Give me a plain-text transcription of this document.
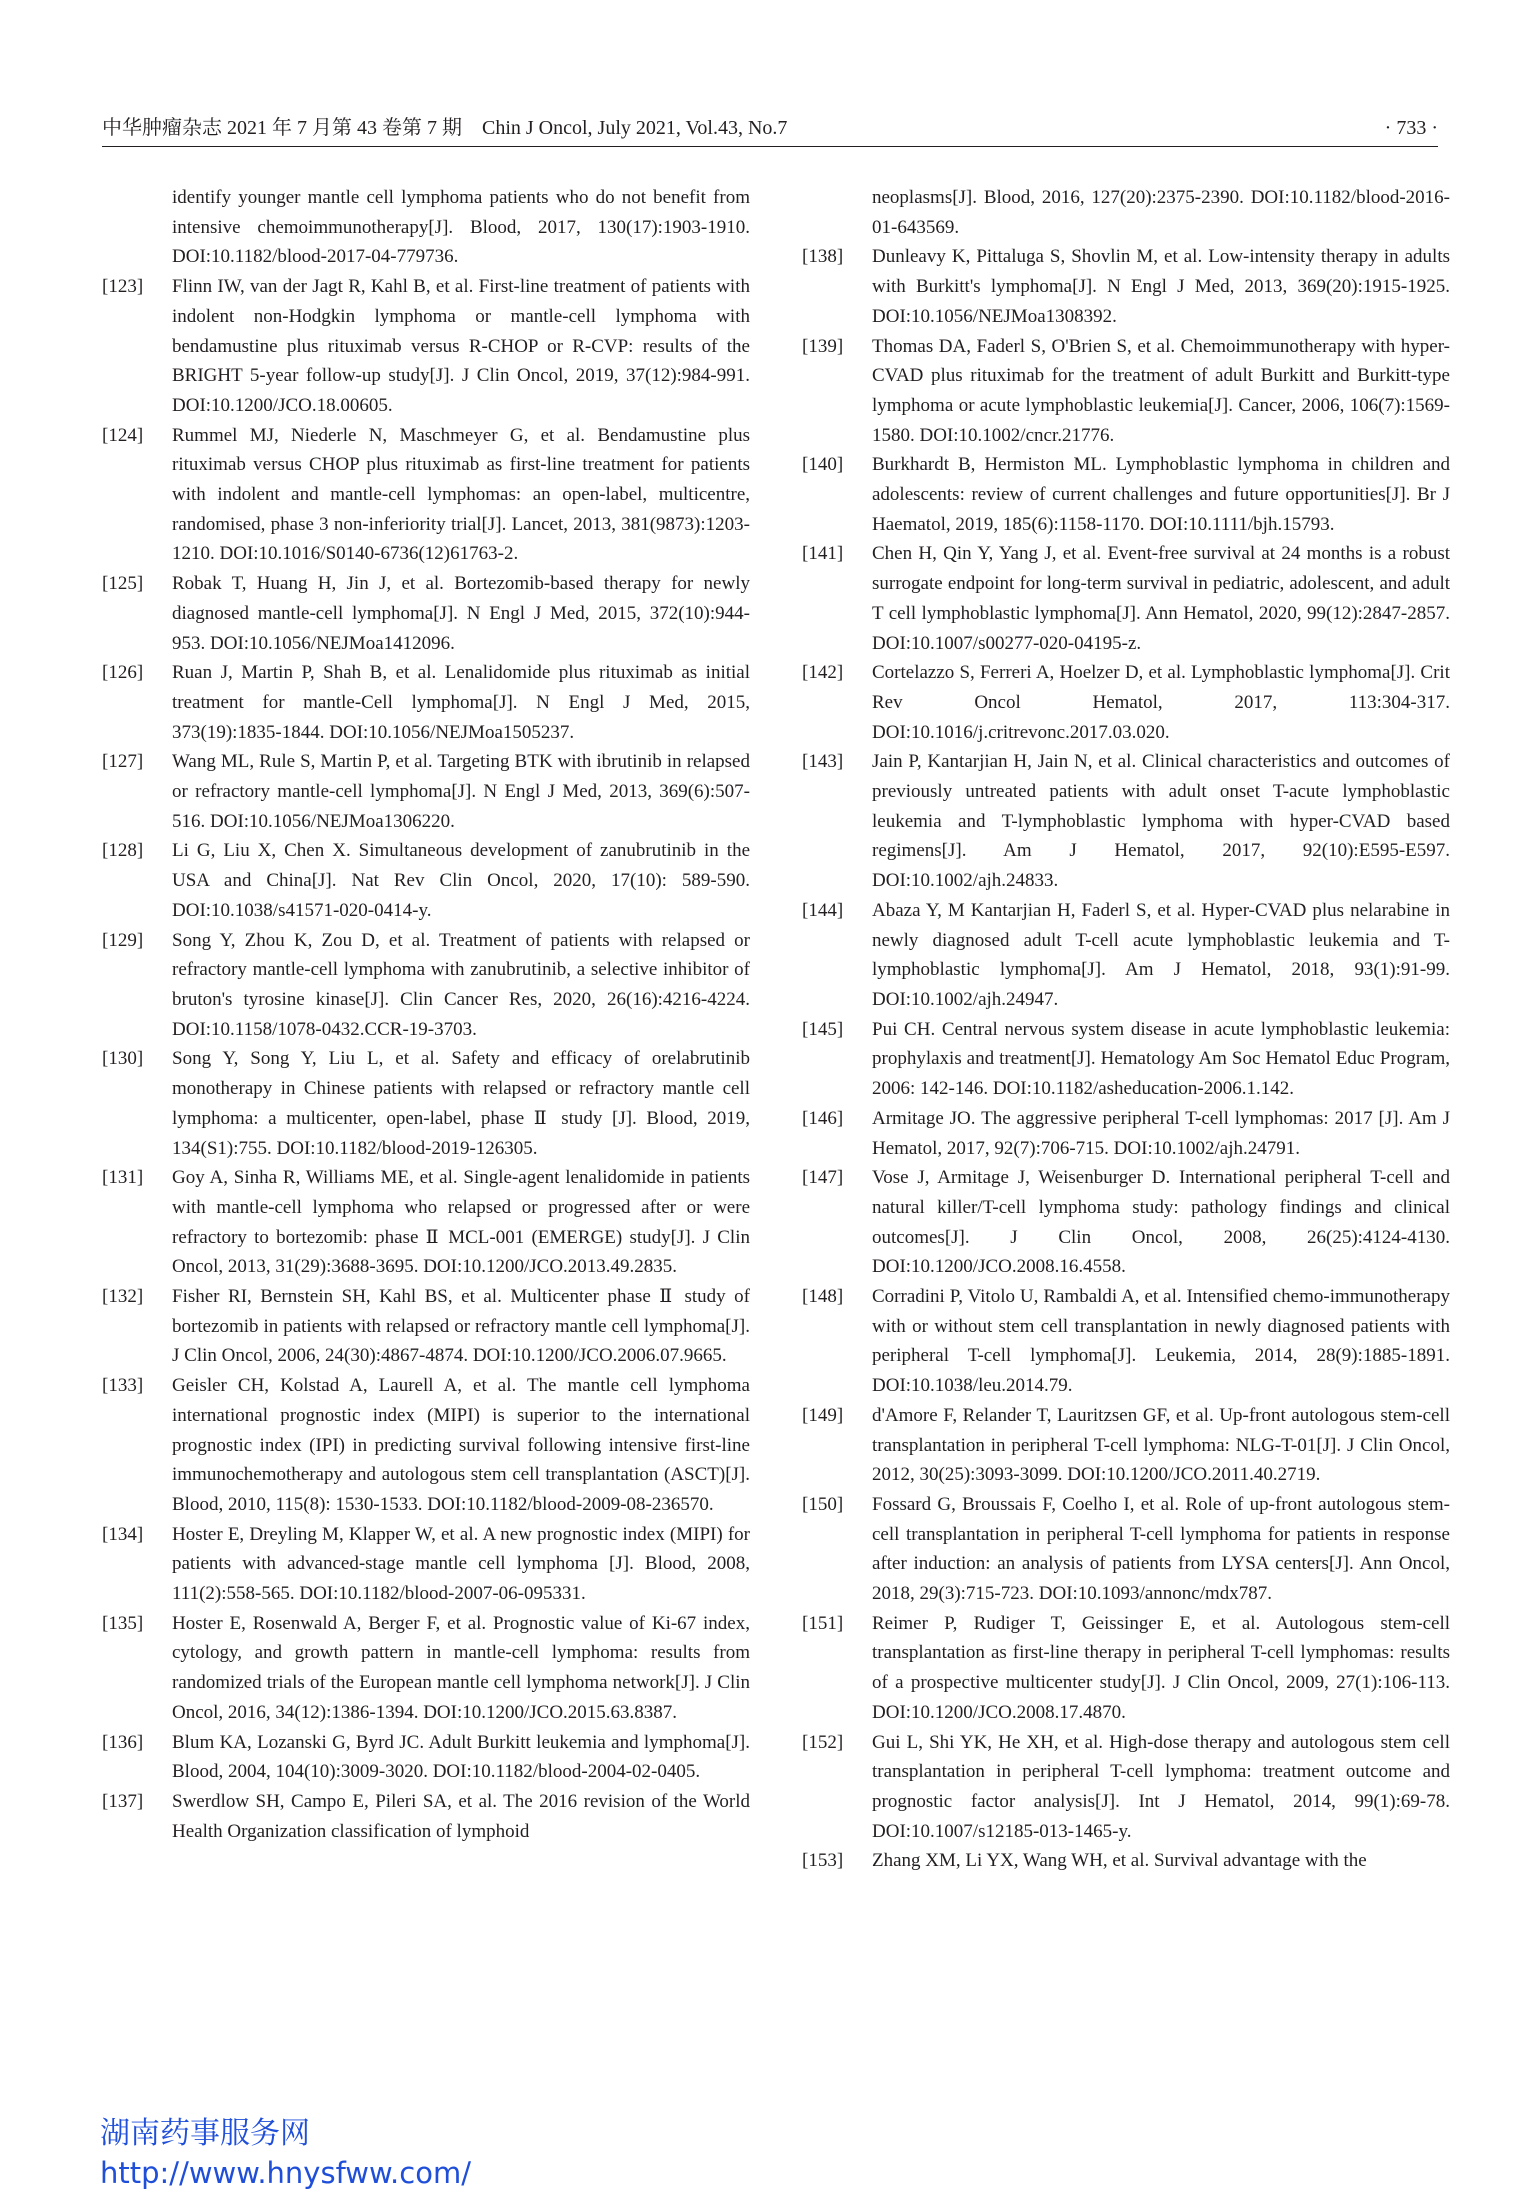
中华肿瘤杂志 2021 年 7 月第 43 卷第 7 期　Chin J Oncol, July 2021, Vol.43, No.7	· 733 ·

identify younger mantle cell lymphoma patients who do not benefit from intensive chemoimmunotherapy[J]. Blood, 2017, 130(17):1903-1910. DOI:10.1182/blood-2017-04-779736.

[123] Flinn IW, van der Jagt R, Kahl B, et al. First-line treatment of patients with indolent non-Hodgkin lymphoma or mantle-cell lymphoma with bendamustine plus rituximab versus R-CHOP or R-CVP: results of the BRIGHT 5-year follow-up study[J]. J Clin Oncol, 2019, 37(12):984-991. DOI:10.1200/JCO.18.00605.

[124] Rummel MJ, Niederle N, Maschmeyer G, et al. Bendamustine plus rituximab versus CHOP plus rituximab as first-line treatment for patients with indolent and mantle-cell lymphomas: an open-label, multicentre, randomised, phase 3 non-inferiority trial[J]. Lancet, 2013, 381(9873):1203-1210. DOI:10.1016/S0140-6736(12)61763-2.

[125] Robak T, Huang H, Jin J, et al. Bortezomib-based therapy for newly diagnosed mantle-cell lymphoma[J]. N Engl J Med, 2015, 372(10):944-953. DOI:10.1056/NEJMoa1412096.

[126] Ruan J, Martin P, Shah B, et al. Lenalidomide plus rituximab as initial treatment for mantle-Cell lymphoma[J]. N Engl J Med, 2015, 373(19):1835-1844. DOI:10.1056/NEJMoa1505237.

[127] Wang ML, Rule S, Martin P, et al. Targeting BTK with ibrutinib in relapsed or refractory mantle-cell lymphoma[J]. N Engl J Med, 2013, 369(6):507-516. DOI:10.1056/NEJMoa1306220.

[128] Li G, Liu X, Chen X. Simultaneous development of zanubrutinib in the USA and China[J]. Nat Rev Clin Oncol, 2020, 17(10): 589-590. DOI:10.1038/s41571-020-0414-y.

[129] Song Y, Zhou K, Zou D, et al. Treatment of patients with relapsed or refractory mantle-cell lymphoma with zanubrutinib, a selective inhibitor of bruton's tyrosine kinase[J]. Clin Cancer Res, 2020, 26(16):4216-4224. DOI:10.1158/1078-0432.CCR-19-3703.

[130] Song Y, Song Y, Liu L, et al. Safety and efficacy of orelabrutinib monotherapy in Chinese patients with relapsed or refractory mantle cell lymphoma: a multicenter, open-label, phase Ⅱ study [J]. Blood, 2019, 134(S1):755. DOI:10.1182/blood-2019-126305.

[131] Goy A, Sinha R, Williams ME, et al. Single-agent lenalidomide in patients with mantle-cell lymphoma who relapsed or progressed after or were refractory to bortezomib: phase Ⅱ MCL-001 (EMERGE) study[J]. J Clin Oncol, 2013, 31(29):3688-3695. DOI:10.1200/JCO.2013.49.2835.

[132] Fisher RI, Bernstein SH, Kahl BS, et al. Multicenter phase Ⅱ study of bortezomib in patients with relapsed or refractory mantle cell lymphoma[J]. J Clin Oncol, 2006, 24(30):4867-4874. DOI:10.1200/JCO.2006.07.9665.

[133] Geisler CH, Kolstad A, Laurell A, et al. The mantle cell lymphoma international prognostic index (MIPI) is superior to the international prognostic index (IPI) in predicting survival following intensive first-line immunochemotherapy and autologous stem cell transplantation (ASCT)[J]. Blood, 2010, 115(8): 1530-1533. DOI:10.1182/blood-2009-08-236570.

[134] Hoster E, Dreyling M, Klapper W, et al. A new prognostic index (MIPI) for patients with advanced-stage mantle cell lymphoma [J]. Blood, 2008, 111(2):558-565. DOI:10.1182/blood-2007-06-095331.

[135] Hoster E, Rosenwald A, Berger F, et al. Prognostic value of Ki-67 index, cytology, and growth pattern in mantle-cell lymphoma: results from randomized trials of the European mantle cell lymphoma network[J]. J Clin Oncol, 2016, 34(12):1386-1394. DOI:10.1200/JCO.2015.63.8387.

[136] Blum KA, Lozanski G, Byrd JC. Adult Burkitt leukemia and lymphoma[J]. Blood, 2004, 104(10):3009-3020. DOI:10.1182/blood-2004-02-0405.

[137] Swerdlow SH, Campo E, Pileri SA, et al. The 2016 revision of the World Health Organization classification of lymphoid

neoplasms[J]. Blood, 2016, 127(20):2375-2390. DOI:10.1182/blood-2016-01-643569.

[138] Dunleavy K, Pittaluga S, Shovlin M, et al. Low-intensity therapy in adults with Burkitt's lymphoma[J]. N Engl J Med, 2013, 369(20):1915-1925. DOI:10.1056/NEJMoa1308392.

[139] Thomas DA, Faderl S, O'Brien S, et al. Chemoimmunotherapy with hyper-CVAD plus rituximab for the treatment of adult Burkitt and Burkitt-type lymphoma or acute lymphoblastic leukemia[J]. Cancer, 2006, 106(7):1569-1580. DOI:10.1002/cncr.21776.

[140] Burkhardt B, Hermiston ML. Lymphoblastic lymphoma in children and adolescents: review of current challenges and future opportunities[J]. Br J Haematol, 2019, 185(6):1158-1170. DOI:10.1111/bjh.15793.

[141] Chen H, Qin Y, Yang J, et al. Event-free survival at 24 months is a robust surrogate endpoint for long-term survival in pediatric, adolescent, and adult T cell lymphoblastic lymphoma[J]. Ann Hematol, 2020, 99(12):2847-2857. DOI:10.1007/s00277-020-04195-z.

[142] Cortelazzo S, Ferreri A, Hoelzer D, et al. Lymphoblastic lymphoma[J]. Crit Rev Oncol Hematol, 2017, 113:304-317. DOI:10.1016/j.critrevonc.2017.03.020.

[143] Jain P, Kantarjian H, Jain N, et al. Clinical characteristics and outcomes of previously untreated patients with adult onset T-acute lymphoblastic leukemia and T-lymphoblastic lymphoma with hyper-CVAD based regimens[J]. Am J Hematol, 2017, 92(10):E595-E597. DOI:10.1002/ajh.24833.

[144] Abaza Y, M Kantarjian H, Faderl S, et al. Hyper-CVAD plus nelarabine in newly diagnosed adult T-cell acute lymphoblastic leukemia and T-lymphoblastic lymphoma[J]. Am J Hematol, 2018, 93(1):91-99. DOI:10.1002/ajh.24947.

[145] Pui CH. Central nervous system disease in acute lymphoblastic leukemia: prophylaxis and treatment[J]. Hematology Am Soc Hematol Educ Program, 2006: 142-146. DOI:10.1182/asheducation-2006.1.142.

[146] Armitage JO. The aggressive peripheral T-cell lymphomas: 2017 [J]. Am J Hematol, 2017, 92(7):706-715. DOI:10.1002/ajh.24791.

[147] Vose J, Armitage J, Weisenburger D. International peripheral T-cell and natural killer/T-cell lymphoma study: pathology findings and clinical outcomes[J]. J Clin Oncol, 2008, 26(25):4124-4130. DOI:10.1200/JCO.2008.16.4558.

[148] Corradini P, Vitolo U, Rambaldi A, et al. Intensified chemo-immunotherapy with or without stem cell transplantation in newly diagnosed patients with peripheral T-cell lymphoma[J]. Leukemia, 2014, 28(9):1885-1891. DOI:10.1038/leu.2014.79.

[149] d'Amore F, Relander T, Lauritzsen GF, et al. Up-front autologous stem-cell transplantation in peripheral T-cell lymphoma: NLG-T-01[J]. J Clin Oncol, 2012, 30(25):3093-3099. DOI:10.1200/JCO.2011.40.2719.

[150] Fossard G, Broussais F, Coelho I, et al. Role of up-front autologous stem-cell transplantation in peripheral T-cell lymphoma for patients in response after induction: an analysis of patients from LYSA centers[J]. Ann Oncol, 2018, 29(3):715-723. DOI:10.1093/annonc/mdx787.

[151] Reimer P, Rudiger T, Geissinger E, et al. Autologous stem-cell transplantation as first-line therapy in peripheral T-cell lymphomas: results of a prospective multicenter study[J]. J Clin Oncol, 2009, 27(1):106-113. DOI:10.1200/JCO.2008.17.4870.

[152] Gui L, Shi YK, He XH, et al. High-dose therapy and autologous stem cell transplantation in peripheral T-cell lymphoma: treatment outcome and prognostic factor analysis[J]. Int J Hematol, 2014, 99(1):69-78. DOI:10.1007/s12185-013-1465-y.

[153] Zhang XM, Li YX, Wang WH, et al. Survival advantage with the

湖南药事服务网
http://www.hnysfww.com/
